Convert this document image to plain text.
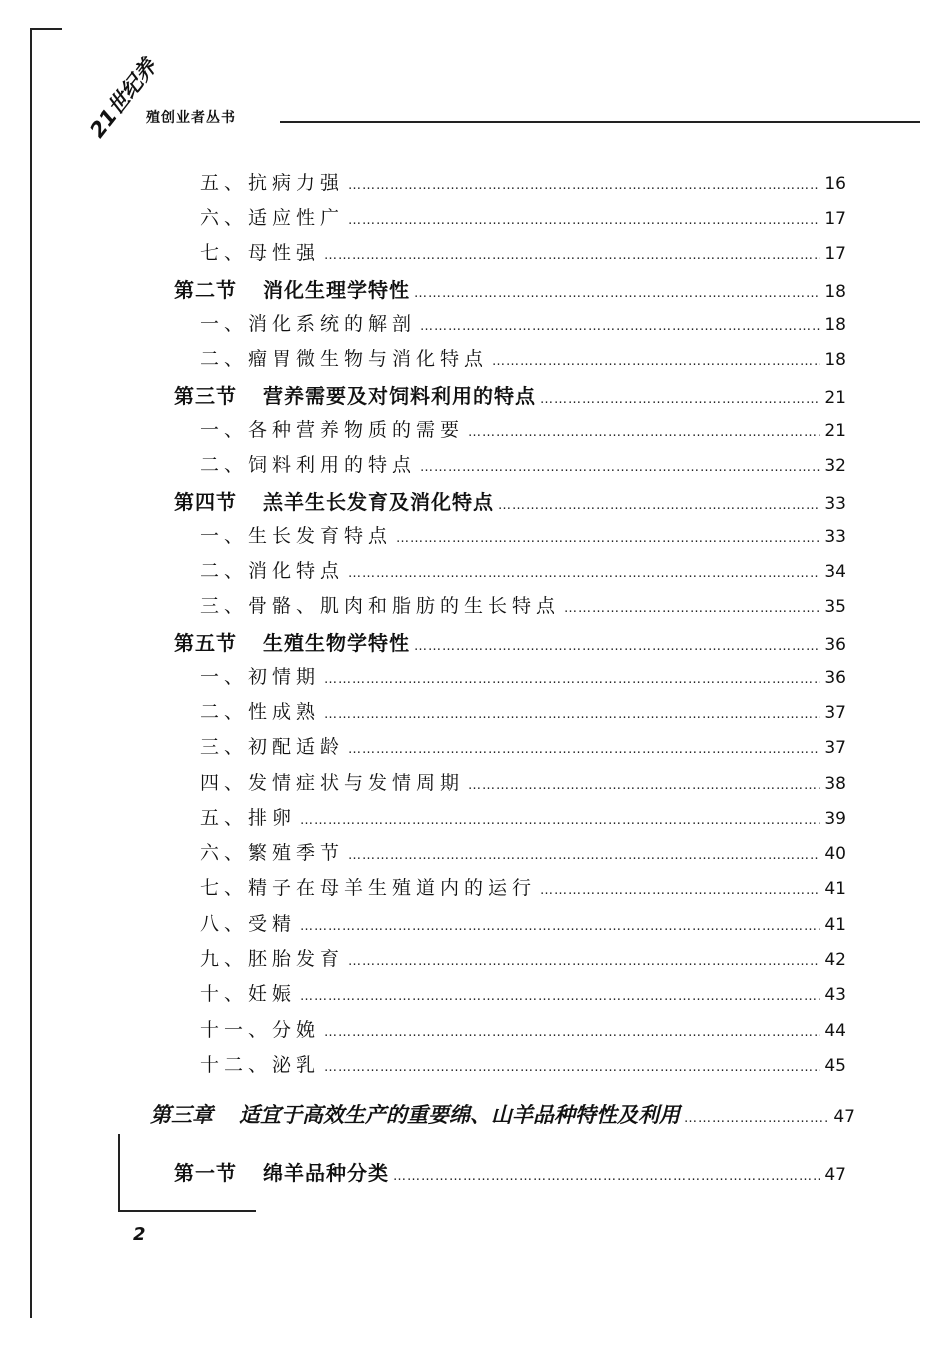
21世纪养
殖创业者丛书
五、抗病力强 ……………………………………………………………………………………………………………………………………………………………………………………………………………………	16
六、适应性广 ……………………………………………………………………………………………………………………………………………………………………………………………………………………	17
七、母性强 ……………………………………………………………………………………………………………………………………………………………………………………………………………………	17
第二节 消化生理学特性 ……………………………………………………………………………………………………………………………………………………………………………………………………………………	18
一、消化系统的解剖 ……………………………………………………………………………………………………………………………………………………………………………………………………………………	18
二、瘤胃微生物与消化特点 ……………………………………………………………………………………………………………………………………………………………………………………………………………………	18
第三节 营养需要及对饲料利用的特点 ……………………………………………………………………………………………………………………………………………………………………………………………………………………	21
一、各种营养物质的需要 ……………………………………………………………………………………………………………………………………………………………………………………………………………………	21
二、饲料利用的特点 ……………………………………………………………………………………………………………………………………………………………………………………………………………………	32
第四节 羔羊生长发育及消化特点 ……………………………………………………………………………………………………………………………………………………………………………………………………………………	33
一、生长发育特点 ……………………………………………………………………………………………………………………………………………………………………………………………………………………	33
二、消化特点 ……………………………………………………………………………………………………………………………………………………………………………………………………………………	34
三、骨骼、肌肉和脂肪的生长特点 ……………………………………………………………………………………………………………………………………………………………………………………………………………………	35
第五节 生殖生物学特性 ……………………………………………………………………………………………………………………………………………………………………………………………………………………	36
一、初情期 ……………………………………………………………………………………………………………………………………………………………………………………………………………………	36
二、性成熟 ……………………………………………………………………………………………………………………………………………………………………………………………………………………	37
三、初配适龄 ……………………………………………………………………………………………………………………………………………………………………………………………………………………	37
四、发情症状与发情周期 ……………………………………………………………………………………………………………………………………………………………………………………………………………………	38
五、排卵 ……………………………………………………………………………………………………………………………………………………………………………………………………………………	39
六、繁殖季节 ……………………………………………………………………………………………………………………………………………………………………………………………………………………	40
七、精子在母羊生殖道内的运行 ……………………………………………………………………………………………………………………………………………………………………………………………………………………	41
八、受精 ……………………………………………………………………………………………………………………………………………………………………………………………………………………	41
九、胚胎发育 ……………………………………………………………………………………………………………………………………………………………………………………………………………………	42
十、妊娠 ……………………………………………………………………………………………………………………………………………………………………………………………………………………	43
十一、分娩 ……………………………………………………………………………………………………………………………………………………………………………………………………………………	44
十二、泌乳 ……………………………………………………………………………………………………………………………………………………………………………………………………………………	45
第三章 适宜于高效生产的重要绵、山羊品种特性及利用 ……………………………………………………………………………………………………………………………………………………………………………………………………………………	47
第一节 绵羊品种分类 ……………………………………………………………………………………………………………………………………………………………………………………………………………………	47
2
